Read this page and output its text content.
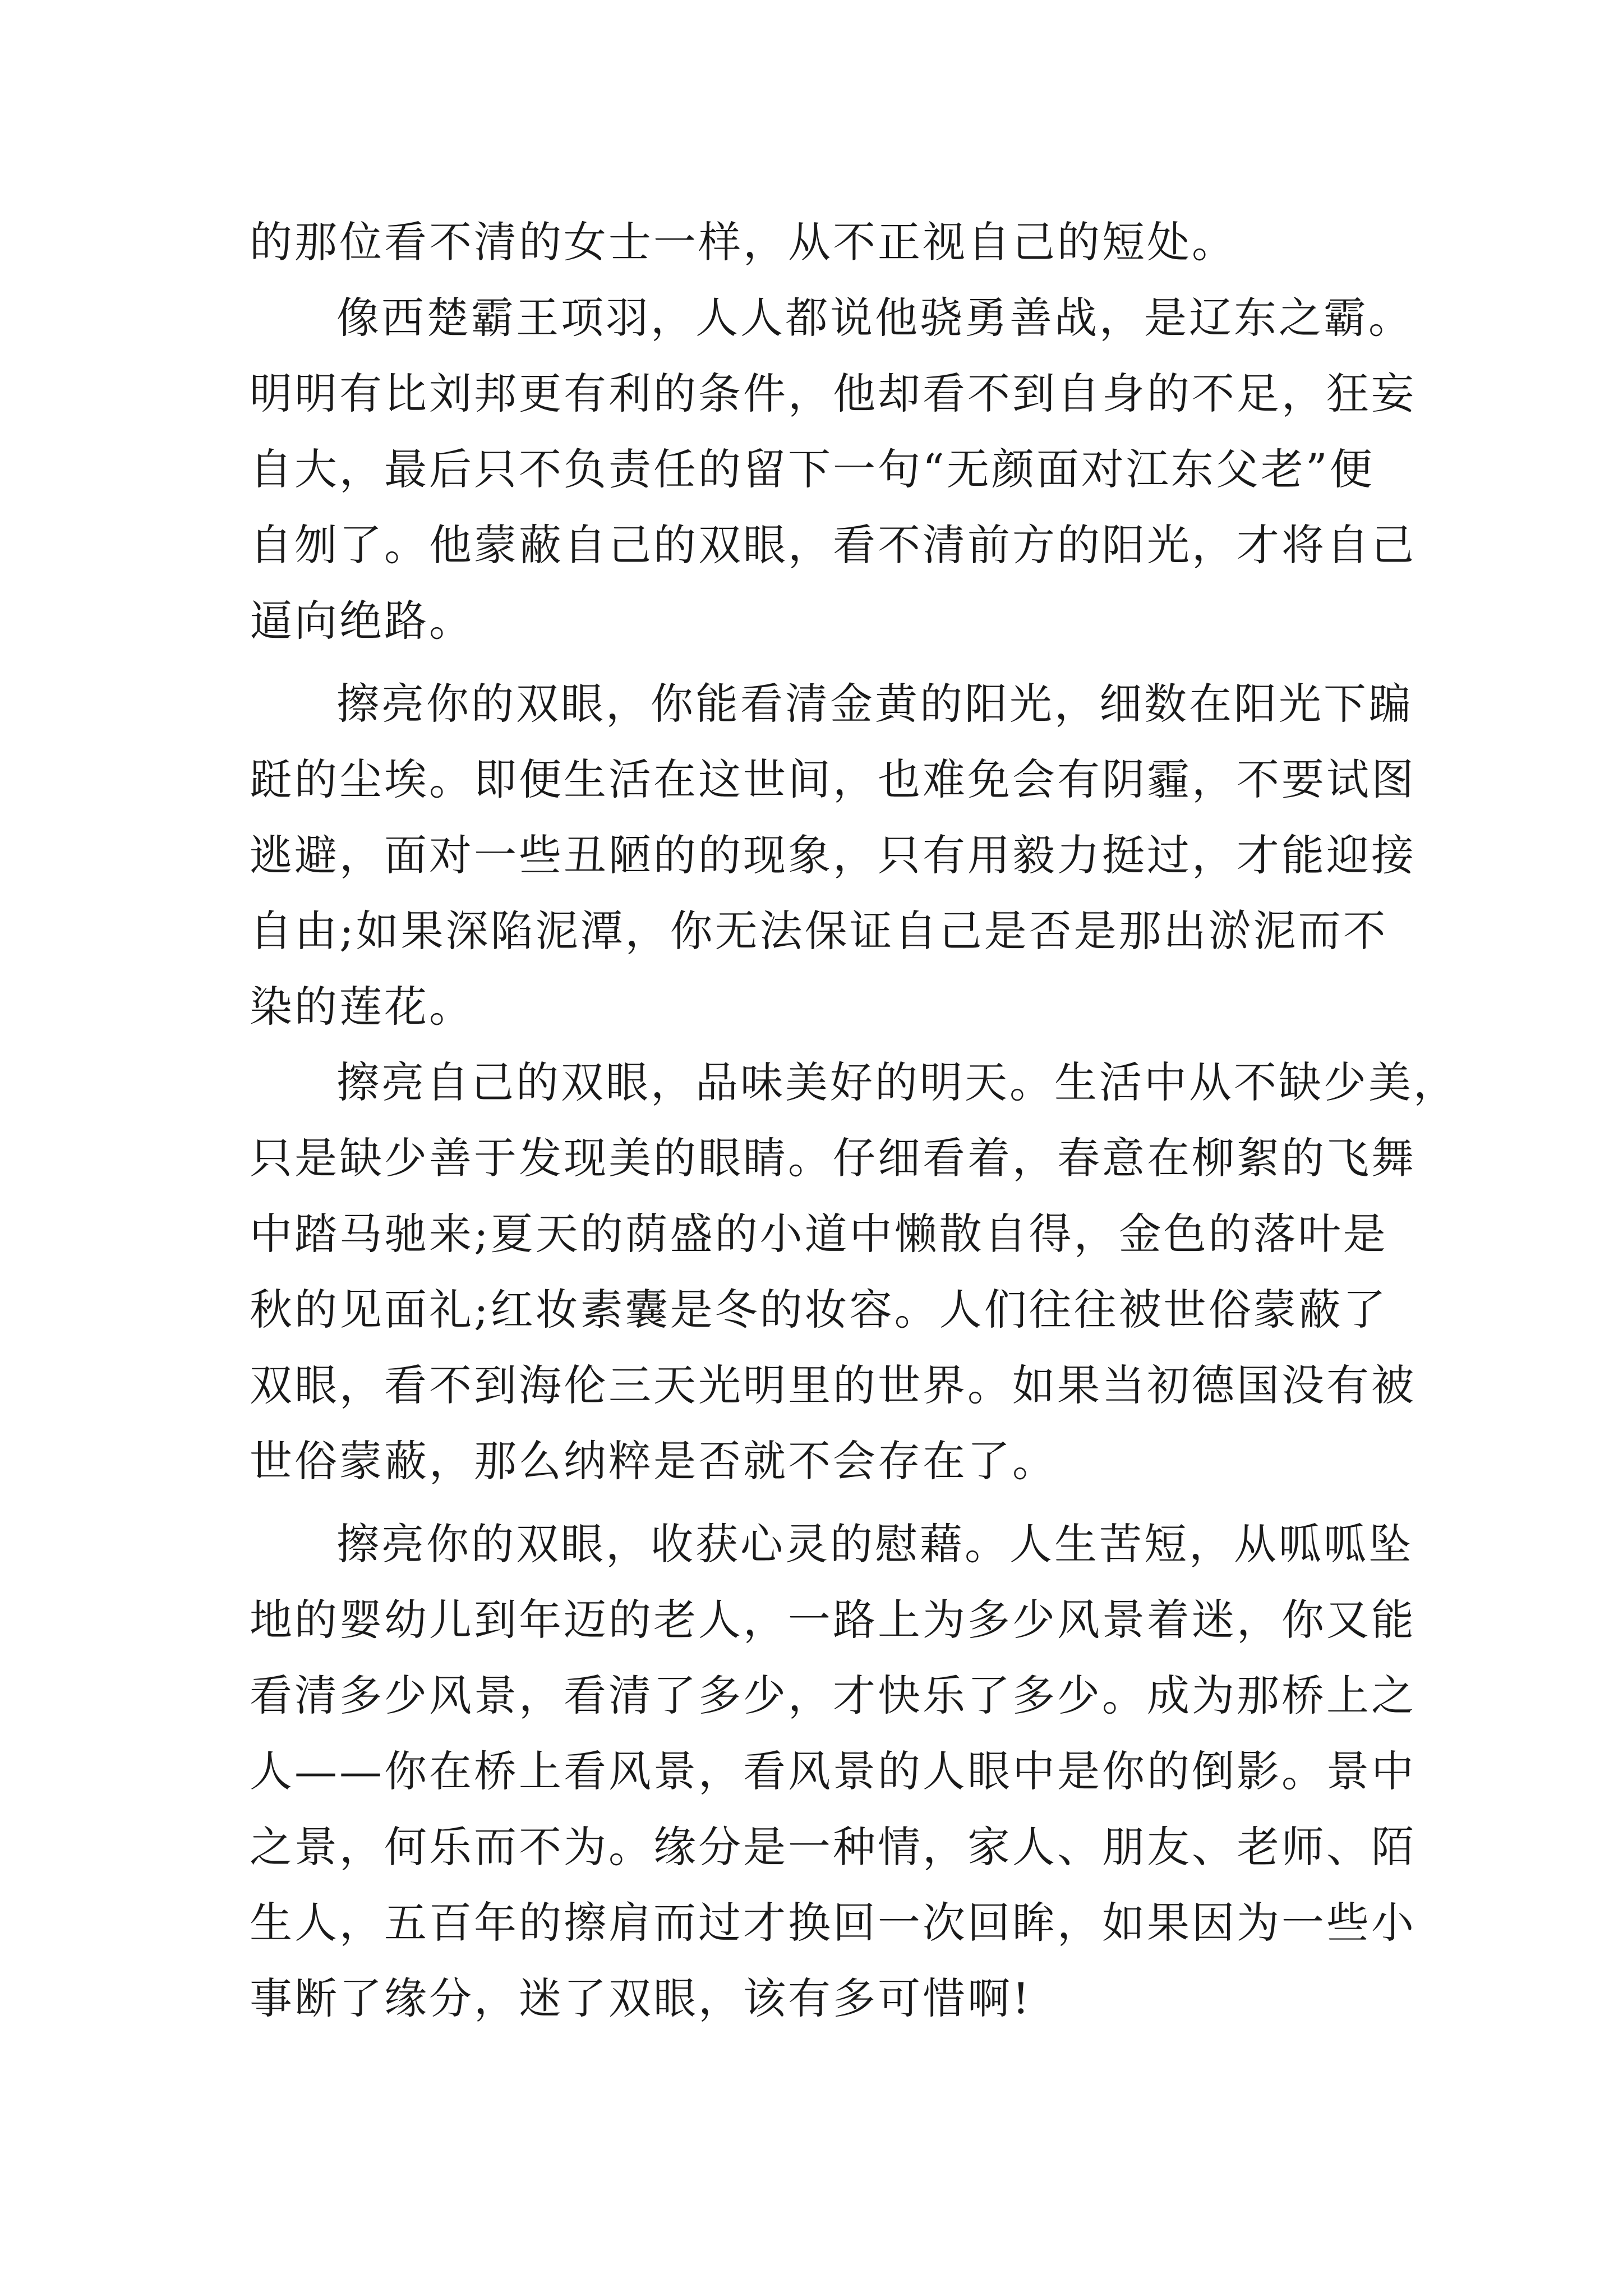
的那位看不清的女士一样，从不正视自己的短处。
像西楚霸王项羽，人人都说他骁勇善战，是辽东之霸。
明明有比刘邦更有利的条件，他却看不到自身的不足，狂妄
自大，最后只不负责任的留下一句“无颜面对江东父老”便
自刎了。他蒙蔽自己的双眼，看不清前方的阳光，才将自己
逼向绝路。
擦亮你的双眼，你能看清金黄的阳光，细数在阳光下蹁
跹的尘埃。即便生活在这世间，也难免会有阴霾，不要试图
逃避，面对一些丑陋的的现象，只有用毅力挺过，才能迎接
自由;如果深陷泥潭，你无法保证自己是否是那出淤泥而不
染的莲花。
擦亮自己的双眼，品味美好的明天。生活中从不缺少美，
只是缺少善于发现美的眼睛。仔细看着，春意在柳絮的飞舞
中踏马驰来;夏天的荫盛的小道中懒散自得，金色的落叶是
秋的见面礼;红妆素囊是冬的妆容。人们往往被世俗蒙蔽了
双眼，看不到海伦三天光明里的世界。如果当初德国没有被
世俗蒙蔽，那么纳粹是否就不会存在了。
擦亮你的双眼，收获心灵的慰藉。人生苦短，从呱呱坠
地的婴幼儿到年迈的老人，一路上为多少风景着迷，你又能
看清多少风景，看清了多少，才快乐了多少。成为那桥上之
人——你在桥上看风景，看风景的人眼中是你的倒影。景中
之景，何乐而不为。缘分是一种情，家人、朋友、老师、陌
生人，五百年的擦肩而过才换回一次回眸，如果因为一些小
事断了缘分，迷了双眼，该有多可惜啊!
